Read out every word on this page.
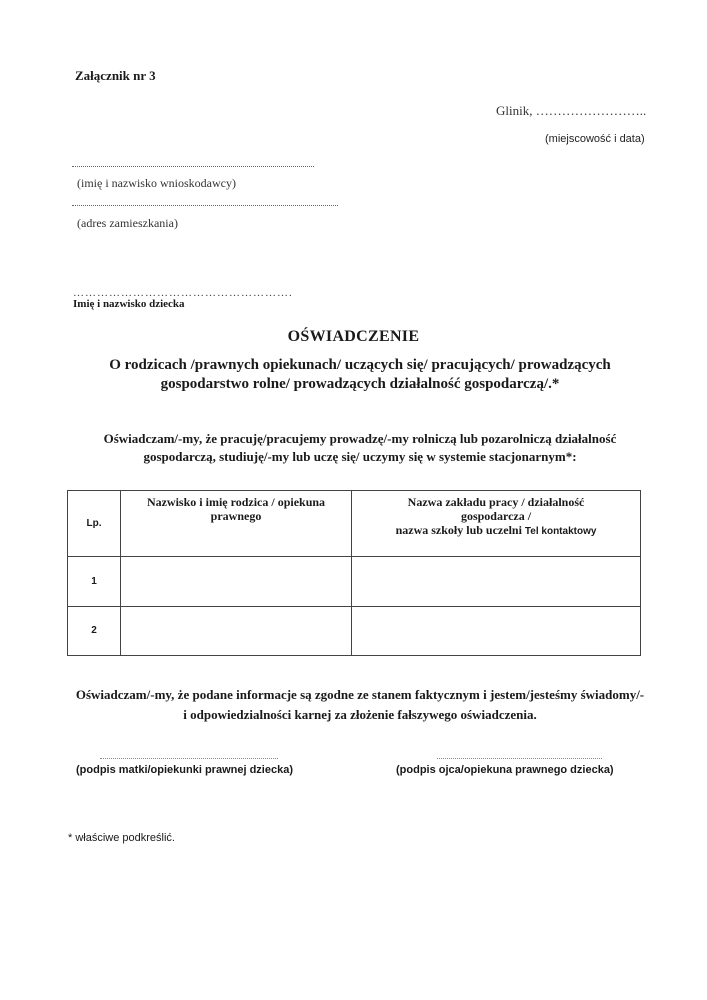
Załącznik nr 3
Glinik, ……………………..
(miejscowość i data)
(imię i nazwisko wnioskodawcy)
(adres zamieszkania)
……………………………………………….
Imię i nazwisko dziecka
OŚWIADCZENIE
O rodzicach /prawnych opiekunach/ uczących się/ pracujących/ prowadzących gospodarstwo rolne/ prowadzących działalność gospodarczą/.*
Oświadczam/-my, że pracuję/pracujemy prowadzę/-my rolniczą lub pozarolniczą działalność gospodarczą, studiuję/-my lub uczę się/ uczymy się w systemie stacjonarnym*:
Lp.	Nazwisko i imię rodzica / opiekuna prawnego	Nazwa zakładu pracy / działalność
gospodarcza /
nazwa szkoły lub uczelni Tel kontaktowy

1		
2		
Oświadczam/-my, że podane informacje są zgodne ze stanem faktycznym i jestem/jesteśmy świadomy/-i odpowiedzialności karnej za złożenie fałszywego oświadczenia.
(podpis matki/opiekunki prawnej dziecka)	(podpis ojca/opiekuna prawnego dziecka)
* właściwe podkreślić.
